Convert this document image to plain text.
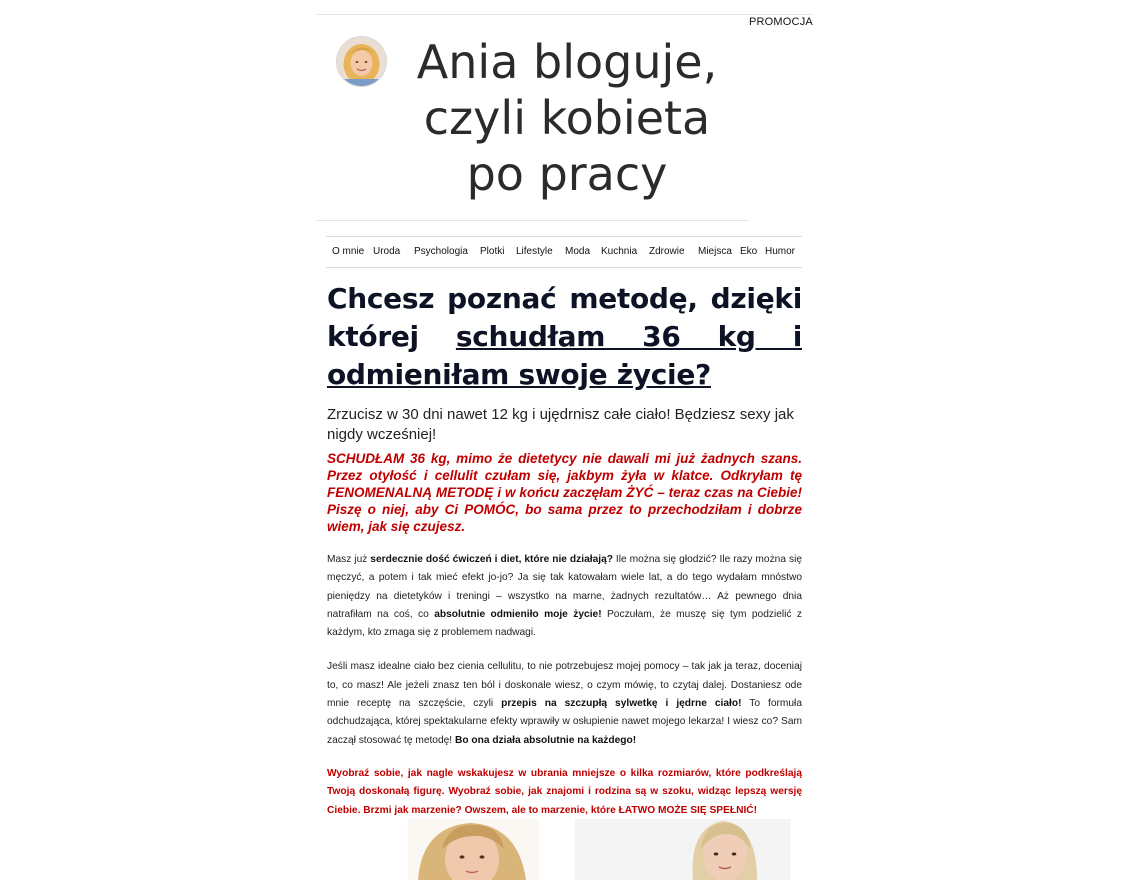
PROMOCJA
Ania bloguje, czyli kobieta po pracy
O mnie Uroda Psychologia Plotki Lifestyle Moda Kuchnia Zdrowie Miejsca Eko Humor
Chcesz poznać metodę, dzięki której schudłam 36 kg i odmieniłam swoje życie?

Zrzucisz w 30 dni nawet 12 kg i ujędrnisz całe ciało! Będziesz sexy jak nigdy wcześniej!

SCHUDŁAM 36 kg, mimo że dietetycy nie dawali mi już żadnych szans. Przez otyłość i cellulit czułam się, jakbym żyła w klatce. Odkryłam tę FENOMENALNĄ METODĘ i w końcu zaczęłam ŻYĆ – teraz czas na Ciebie! Piszę o niej, aby Ci POMÓC, bo sama przez to przechodziłam i dobrze wiem, jak się czujesz.

Masz już serdecznie dość ćwiczeń i diet, które nie działają? Ile można się głodzić? Ile razy można się męczyć, a potem i tak mieć efekt jo-jo? Ja się tak katowałam wiele lat, a do tego wydałam mnóstwo pieniędzy na dietetyków i treningi – wszystko na marne, żadnych rezultatów… Aż pewnego dnia natrafiłam na coś, co absolutnie odmieniło moje życie! Poczułam, że muszę się tym podzielić z każdym, kto zmaga się z problemem nadwagi.

Jeśli masz idealne ciało bez cienia cellulitu, to nie potrzebujesz mojej pomocy – tak jak ja teraz, doceniaj to, co masz! Ale jeżeli znasz ten ból i doskonale wiesz, o czym mówię, to czytaj dalej. Dostaniesz ode mnie receptę na szczęście, czyli przepis na szczupłą sylwetkę i jędrne ciało! To formuła odchudzająca, której spektakularne efekty wprawiły w osłupienie nawet mojego lekarza! I wiesz co? Sam zaczął stosować tę metodę! Bo ona działa absolutnie na każdego!

Wyobraź sobie, jak nagle wskakujesz w ubrania mniejsze o kilka rozmiarów, które podkreślają Twoją doskonałą figurę. Wyobraź sobie, jak znajomi i rodzina są w szoku, widząc lepszą wersję Ciebie. Brzmi jak marzenie? Owszem, ale to marzenie, które ŁATWO MOŻE SIĘ SPEŁNIĆ!
